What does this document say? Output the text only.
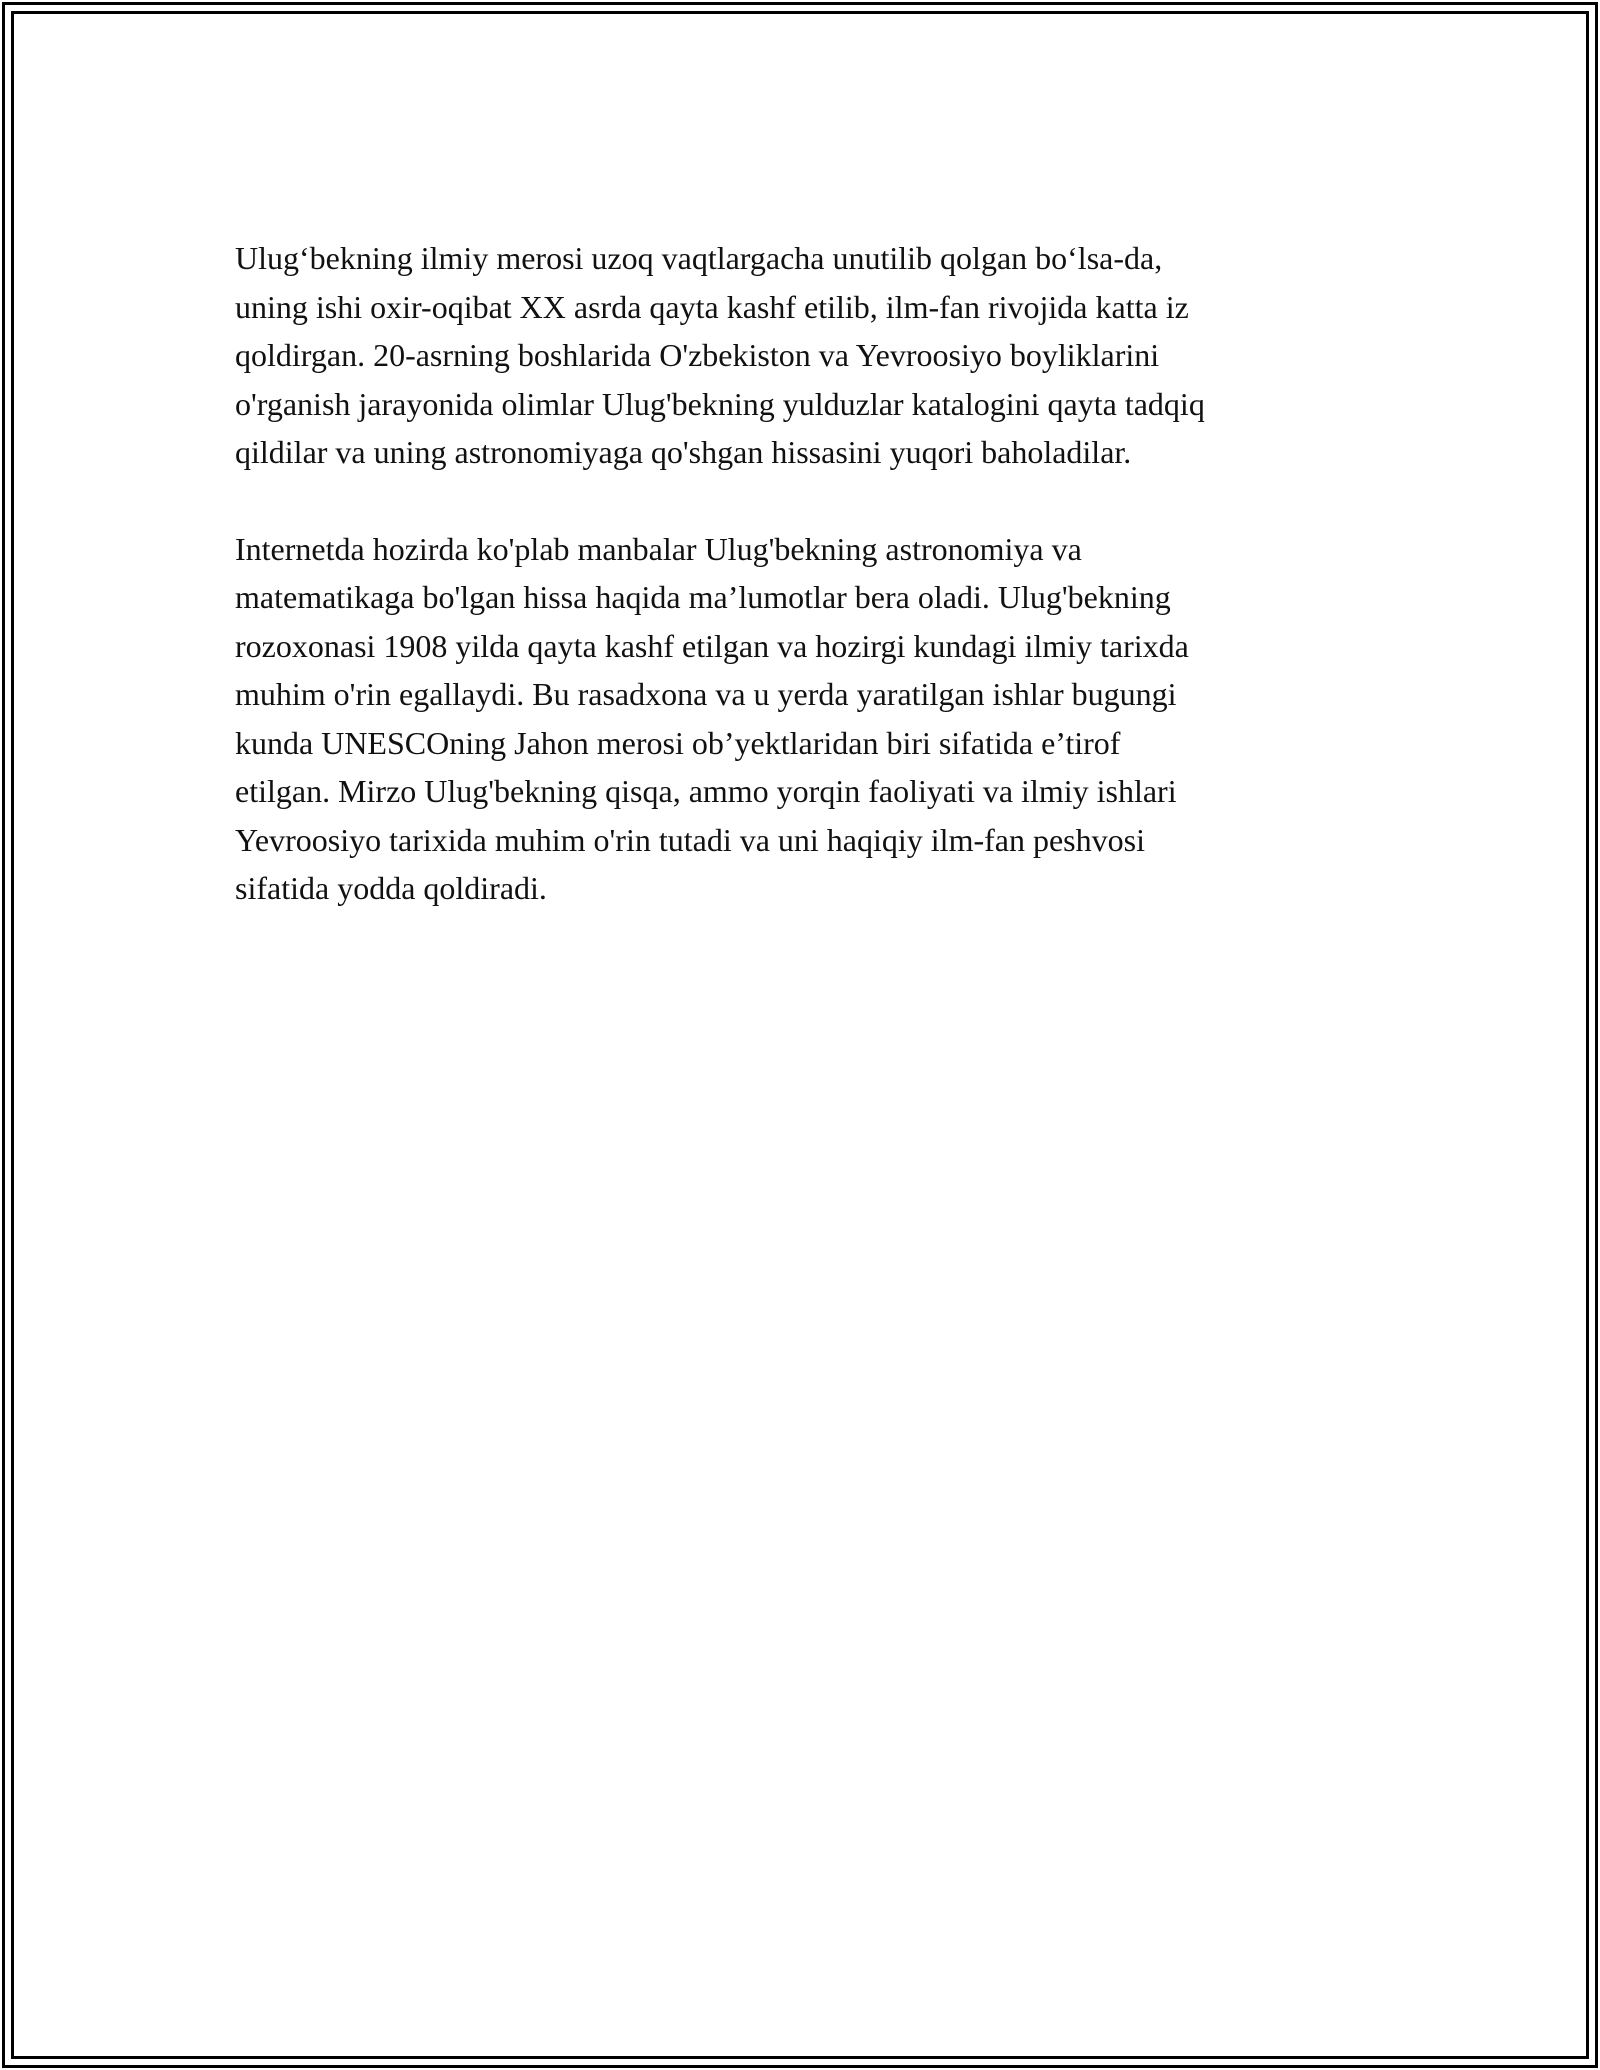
Ulug‘bekning ilmiy merosi uzoq vaqtlargacha unutilib qolgan bo‘lsa-da,
uning ishi oxir-oqibat XX asrda qayta kashf etilib, ilm-fan rivojida katta iz
qoldirgan. 20-asrning boshlarida O'zbekiston va Yevroosiyo boyliklarini
o'rganish jarayonida olimlar Ulug'bekning yulduzlar katalogini qayta tadqiq
qildilar va uning astronomiyaga qo'shgan hissasini yuqori baholadilar.

Internetda hozirda ko'plab manbalar Ulug'bekning astronomiya va
matematikaga bo'lgan hissa haqida ma’lumotlar bera oladi. Ulug'bekning
rozoxonasi 1908 yilda qayta kashf etilgan va hozirgi kundagi ilmiy tarixda
muhim o'rin egallaydi. Bu rasadxona va u yerda yaratilgan ishlar bugungi
kunda UNESCOning Jahon merosi ob’yektlaridan biri sifatida e’tirof
etilgan. Mirzo Ulug'bekning qisqa, ammo yorqin faoliyati va ilmiy ishlari
Yevroosiyo tarixida muhim o'rin tutadi va uni haqiqiy ilm-fan peshvosi
sifatida yodda qoldiradi.
